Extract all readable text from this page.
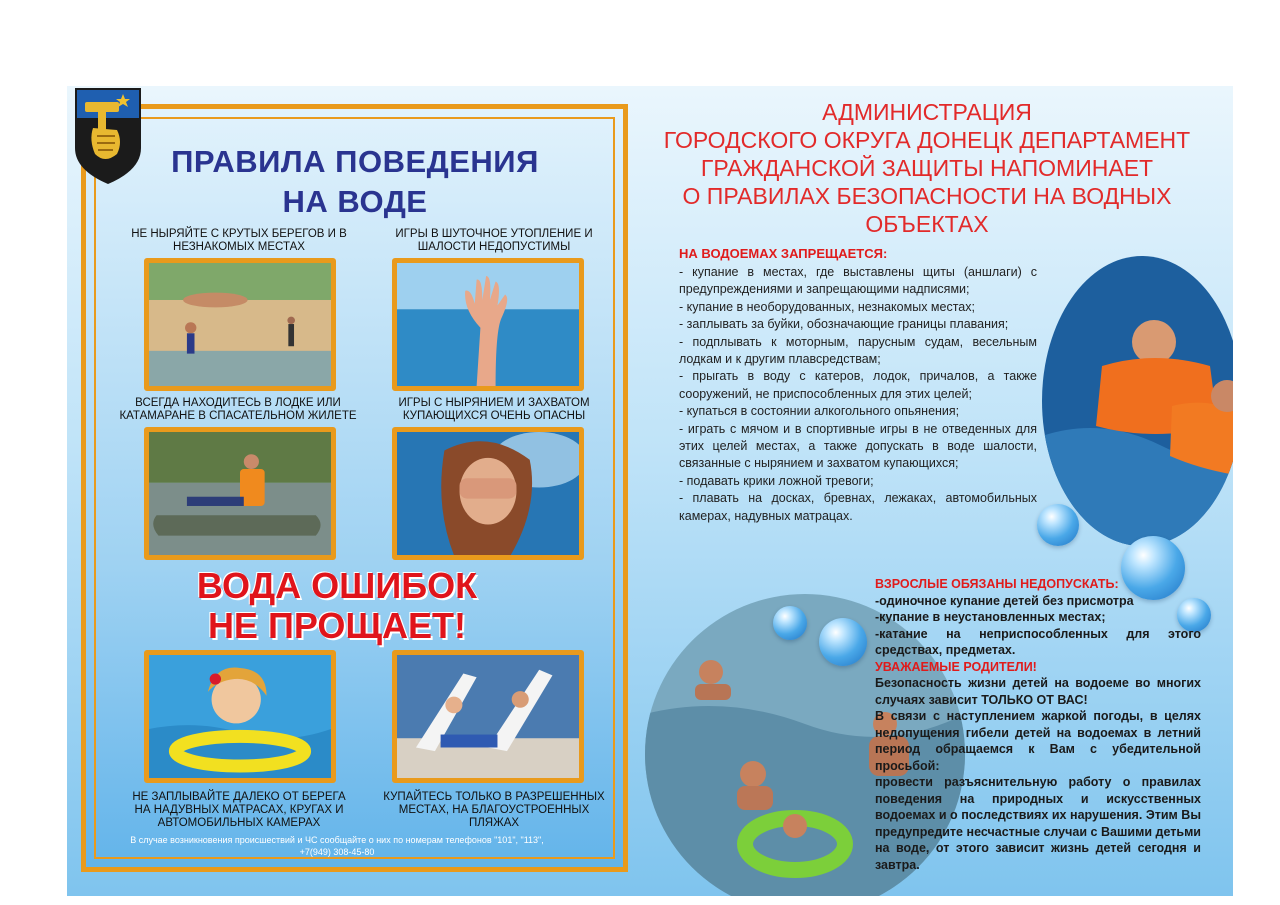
ПРАВИЛА ПОВЕДЕНИЯ
НА ВОДЕ
НЕ НЫРЯЙТЕ С КРУТЫХ БЕРЕГОВ И В НЕЗНАКОМЫХ МЕСТАХ
ИГРЫ В ШУТОЧНОЕ УТОПЛЕНИЕ И ШАЛОСТИ НЕДОПУСТИМЫ
ВСЕГДА НАХОДИТЕСЬ В ЛОДКЕ ИЛИ КАТАМАРАНЕ В СПАСАТЕЛЬНОМ ЖИЛЕТЕ
ИГРЫ С НЫРЯНИЕМ И ЗАХВАТОМ КУПАЮЩИХСЯ ОЧЕНЬ ОПАСНЫ
ВОДА ОШИБОК
НЕ ПРОЩАЕТ!
НЕ ЗАПЛЫВАЙТЕ ДАЛЕКО ОТ БЕРЕГА НА НАДУВНЫХ МАТРАСАХ, КРУГАХ И АВТОМОБИЛЬНЫХ КАМЕРАХ
КУПАЙТЕСЬ ТОЛЬКО В РАЗРЕШЕННЫХ МЕСТАХ, НА БЛАГОУСТРОЕННЫХ ПЛЯЖАХ
В случае возникновения происшествий и ЧС сообщайте о них по номерам телефонов "101", "113",
+7(949) 308-45-80
АДМИНИСТРАЦИЯ
ГОРОДСКОГО ОКРУГА ДОНЕЦК ДЕПАРТАМЕНТ
ГРАЖДАНСКОЙ ЗАЩИТЫ НАПОМИНАЕТ
О ПРАВИЛАХ БЕЗОПАСНОСТИ НА ВОДНЫХ
ОБЪЕКТАХ
НА ВОДОЕМАХ ЗАПРЕЩАЕТСЯ:
- купание в местах, где выставлены щиты (аншлаги) с предупреждениями и запрещающими надписями;
- купание в необорудованных, незнакомых местах;
- заплывать за буйки, обозначающие границы плавания;
- подплывать к моторным, парусным судам, весельным лодкам и к другим плавсредствам;
- прыгать в воду с катеров, лодок, причалов, а также сооружений, не приспособленных для этих целей;
- купаться в состоянии алкогольного опьянения;
- играть с мячом и в спортивные игры в не отведенных для этих целей местах, а также допускать в воде шалости, связанные с нырянием и захватом купающихся;
- подавать крики ложной тревоги;
- плавать на досках, бревнах, лежаках, автомобильных камерах, надувных матрацах.
ВЗРОСЛЫЕ ОБЯЗАНЫ НЕДОПУСКАТЬ:
-одиночное купание детей без присмотра
-купание в неустановленных местах;
-катание на неприспособленных для этого средствах, предметах.
УВАЖАЕМЫЕ РОДИТЕЛИ!
Безопасность жизни детей на водоеме во многих случаях зависит ТОЛЬКО ОТ ВАС!
В связи с наступлением жаркой погоды, в целях недопущения гибели детей на водоемах в летний период обращаемся к Вам с убедительной просьбой:
провести разъяснительную работу о правилах поведения на природных и искусственных водоемах и о последствиях их нарушения. Этим Вы предупредите несчастные случаи с Вашими детьми на воде, от этого зависит жизнь детей сегодня и завтра.
